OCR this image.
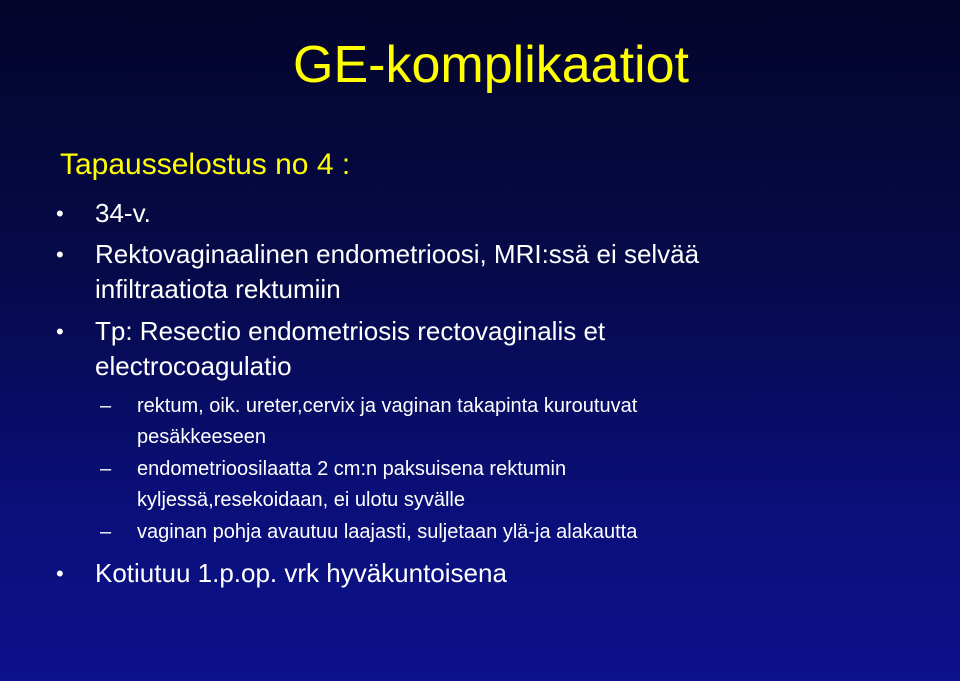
GE-komplikaatiot
Tapausselostus no 4 :
• 34-v.
• Rektovaginaalinen endometrioosi, MRI:ssä ei selvää
infiltraatiota rektumiin
• Tp: Resectio endometriosis rectovaginalis et
electrocoagulatio
– rektum, oik. ureter,cervix ja vaginan takapinta kuroutuvat
pesäkkeeseen
– endometrioosilaatta 2 cm:n paksuisena rektumin
kyljessä,resekoidaan, ei ulotu syvälle
– vaginan pohja avautuu laajasti, suljetaan ylä-ja alakautta
• Kotiutuu 1.p.op. vrk hyväkuntoisena
